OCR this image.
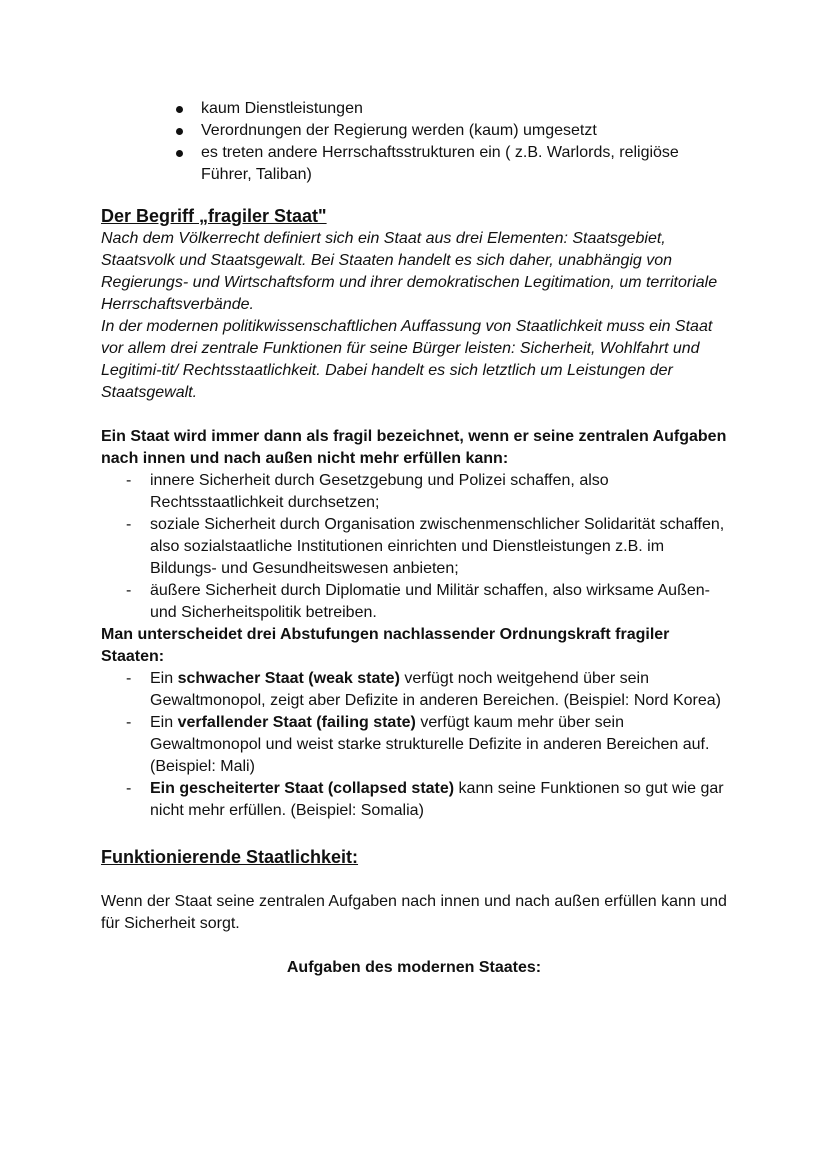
kaum Dienstleistungen
Verordnungen der Regierung werden (kaum) umgesetzt
es treten andere Herrschaftsstrukturen ein ( z.B. Warlords, religiöse Führer, Taliban)
Der Begriff „fragiler Staat"

Nach dem Völkerrecht definiert sich ein Staat aus drei Elementen: Staatsgebiet, Staatsvolk und Staatsgewalt. Bei Staaten handelt es sich daher, unabhängig von Regierungs- und Wirtschaftsform und ihrer demokratischen Legitimation, um territoriale Herrschaftsverbände.

In der modernen politikwissenschaftlichen Auffassung von Staatlichkeit muss ein Staat vor allem drei zentrale Funktionen für seine Bürger leisten: Sicherheit, Wohlfahrt und Legitimi-tit/ Rechtsstaatlichkeit. Dabei handelt es sich letztlich um Leistungen der Staatsgewalt.

Ein Staat wird immer dann als fragil bezeichnet, wenn er seine zentralen Aufgaben nach innen und nach außen nicht mehr erfüllen kann:

- innere Sicherheit durch Gesetzgebung und Polizei schaffen, also Rechtsstaatlichkeit durchsetzen;
- soziale Sicherheit durch Organisation zwischenmenschlicher Solidarität schaffen, also sozialstaatliche Institutionen einrichten und Dienstleistungen z.B. im Bildungs- und Gesundheitswesen anbieten;
- äußere Sicherheit durch Diplomatie und Militär schaffen, also wirksame Außen- und Sicherheitspolitik betreiben.

Man unterscheidet drei Abstufungen nachlassender Ordnungskraft fragiler Staaten:

- Ein schwacher Staat (weak state) verfügt noch weitgehend über sein Gewaltmonopol, zeigt aber Defizite in anderen Bereichen. (Beispiel: Nord Korea)
- Ein verfallender Staat (failing state) verfügt kaum mehr über sein Gewaltmonopol und weist starke strukturelle Defizite in anderen Bereichen auf. (Beispiel: Mali)
- Ein gescheiterter Staat (collapsed state) kann seine Funktionen so gut wie gar nicht mehr erfüllen. (Beispiel: Somalia)
Funktionierende Staatlichkeit:

Wenn der Staat seine zentralen Aufgaben nach innen und nach außen erfüllen kann und für Sicherheit sorgt.

Aufgaben des modernen Staates:
